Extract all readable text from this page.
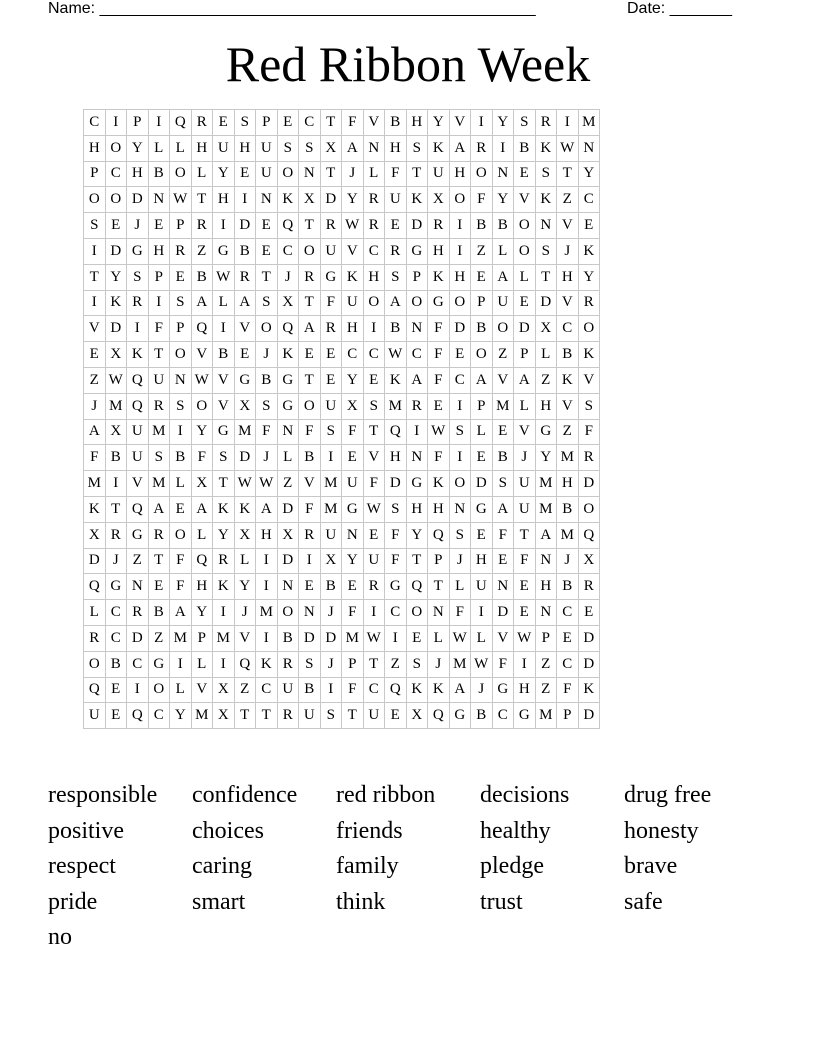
Name: _________________________________________________	Date: _______
Red Ribbon Week
C	I	P	I	Q	R	E	S	P	E	C	T	F	V	B	H	Y	V	I	Y	S	R	I	M
H	O	Y	L	L	H	U	H	U	S	S	X	A	N	H	S	K	A	R	I	B	K	W	N
P	C	H	B	O	L	Y	E	U	O	N	T	J	L	F	T	U	H	O	N	E	S	T	Y
O	O	D	N	W	T	H	I	N	K	X	D	Y	R	U	K	X	O	F	Y	V	K	Z	C
S	E	J	E	P	R	I	D	E	Q	T	R	W	R	E	D	R	I	B	B	O	N	V	E
I	D	G	H	R	Z	G	B	E	C	O	U	V	C	R	G	H	I	Z	L	O	S	J	K
T	Y	S	P	E	B	W	R	T	J	R	G	K	H	S	P	K	H	E	A	L	T	H	Y
I	K	R	I	S	A	L	A	S	X	T	F	U	O	A	O	G	O	P	U	E	D	V	R
V	D	I	F	P	Q	I	V	O	Q	A	R	H	I	B	N	F	D	B	O	D	X	C	O
E	X	K	T	O	V	B	E	J	K	E	E	C	C	W	C	F	E	O	Z	P	L	B	K
Z	W	Q	U	N	W	V	G	B	G	T	E	Y	E	K	A	F	C	A	V	A	Z	K	V
J	M	Q	R	S	O	V	X	S	G	O	U	X	S	M	R	E	I	P	M	L	H	V	S
A	X	U	M	I	Y	G	M	F	N	F	S	F	T	Q	I	W	S	L	E	V	G	Z	F
F	B	U	S	B	F	S	D	J	L	B	I	E	V	H	N	F	I	E	B	J	Y	M	R
M	I	V	M	L	X	T	W	W	Z	V	M	U	F	D	G	K	O	D	S	U	M	H	D
K	T	Q	A	E	A	K	K	A	D	F	M	G	W	S	H	H	N	G	A	U	M	B	O
X	R	G	R	O	L	Y	X	H	X	R	U	N	E	F	Y	Q	S	E	F	T	A	M	Q
D	J	Z	T	F	Q	R	L	I	D	I	X	Y	U	F	T	P	J	H	E	F	N	J	X
Q	G	N	E	F	H	K	Y	I	N	E	B	E	R	G	Q	T	L	U	N	E	H	B	R
L	C	R	B	A	Y	I	J	M	O	N	J	F	I	C	O	N	F	I	D	E	N	C	E
R	C	D	Z	M	P	M	V	I	B	D	D	M	W	I	E	L	W	L	V	W	P	E	D
O	B	C	G	I	L	I	Q	K	R	S	J	P	T	Z	S	J	M	W	F	I	Z	C	D
Q	E	I	O	L	V	X	Z	C	U	B	I	F	C	Q	K	K	A	J	G	H	Z	F	K
U	E	Q	C	Y	M	X	T	T	R	U	S	T	U	E	X	Q	G	B	C	G	M	P	D
responsible	confidence	red ribbon	decisions	drug free
positive	choices	friends	healthy	honesty
respect	caring	family	pledge	brave
pride	smart	think	trust	safe
no
